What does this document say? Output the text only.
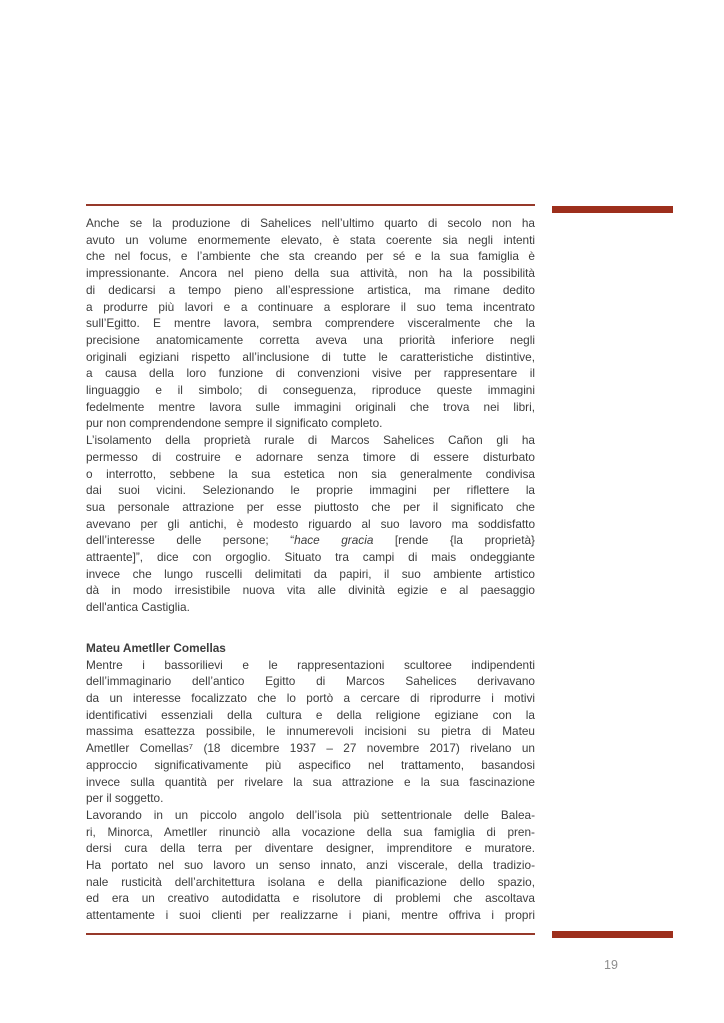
Anche se la produzione di Sahelices nell’ultimo quarto di secolo non ha
avuto un volume enormemente elevato, è stata coerente sia negli intenti
che nel focus, e l’ambiente che sta creando per sé e la sua famiglia è
impressionante. Ancora nel pieno della sua attività, non ha la possibilità
di dedicarsi a tempo pieno all’espressione artistica, ma rimane dedito
a produrre più lavori e a continuare a esplorare il suo tema incentrato
sull’Egitto. E mentre lavora, sembra comprendere visceralmente che la
precisione anatomicamente corretta aveva una priorità inferiore negli
originali egiziani rispetto all’inclusione di tutte le caratteristiche distintive,
a causa della loro funzione di convenzioni visive per rappresentare il
linguaggio e il simbolo; di conseguenza, riproduce queste immagini
fedelmente mentre lavora sulle immagini originali che trova nei libri,
pur non comprendendone sempre il significato completo.
L’isolamento della proprietà rurale di Marcos Sahelices Cañon gli ha
permesso di costruire e adornare senza timore di essere disturbato
o interrotto, sebbene la sua estetica non sia generalmente condivisa
dai suoi vicini. Selezionando le proprie immagini per riflettere la
sua personale attrazione per esse piuttosto che per il significato che
avevano per gli antichi, è modesto riguardo al suo lavoro ma soddisfatto
dell’interesse delle persone; “hace gracia [rende {la proprietà}
attraente]”, dice con orgoglio. Situato tra campi di mais ondeggiante
invece che lungo ruscelli delimitati da papiri, il suo ambiente artistico
dà in modo irresistibile nuova vita alle divinità egizie e al paesaggio
dell'antica Castiglia.
Mateu Ametller Comellas
Mentre i bassorilievi e le rappresentazioni scultoree indipendenti
dell’immaginario dell’antico Egitto di Marcos Sahelices derivavano
da un interesse focalizzato che lo portò a cercare di riprodurre i motivi
identificativi essenziali della cultura e della religione egiziane con la
massima esattezza possibile, le innumerevoli incisioni su pietra di Mateu
Ametller Comellas⁷ (18 dicembre 1937 – 27 novembre 2017) rivelano un
approccio significativamente più aspecifico nel trattamento, basandosi
invece sulla quantità per rivelare la sua attrazione e la sua fascinazione
per il soggetto.
Lavorando in un piccolo angolo dell’isola più settentrionale delle Balea-
ri, Minorca, Ametller rinunciò alla vocazione della sua famiglia di pren-
dersi cura della terra per diventare designer, imprenditore e muratore.
Ha portato nel suo lavoro un senso innato, anzi viscerale, della tradizio-
nale rusticità dell’architettura isolana e della pianificazione dello spazio,
ed era un creativo autodidatta e risolutore di problemi che ascoltava
attentamente i suoi clienti per realizzarne i piani, mentre offriva i propri
19
